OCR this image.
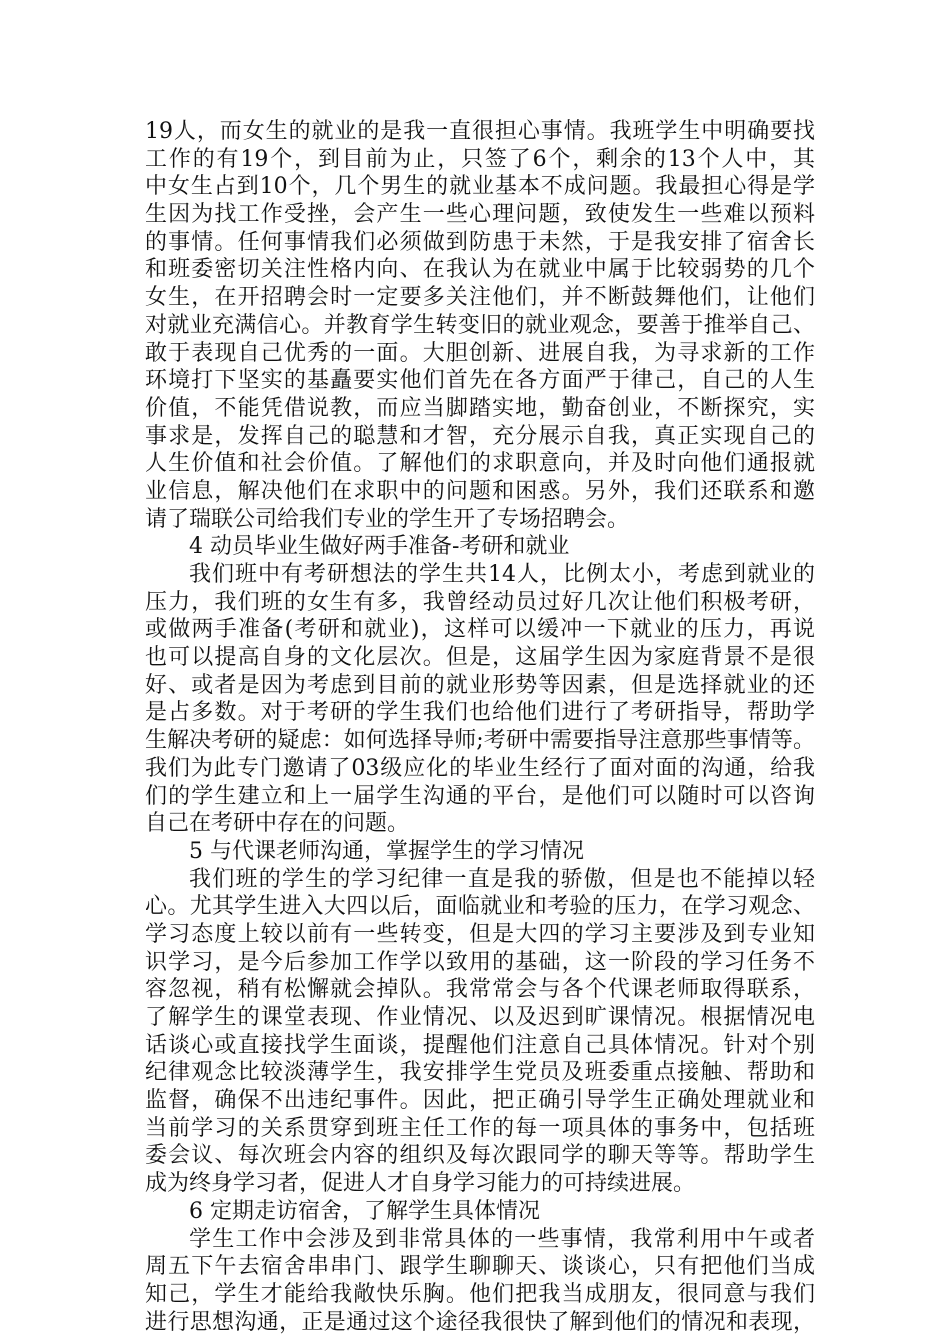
19人，而女生的就业的是我一直很担心事情。我班学生中明确要找
工作的有19个，到目前为止，只签了6个，剩余的13个人中，其
中女生占到10个，几个男生的就业基本不成问题。我最担心得是学
生因为找工作受挫，会产生一些心理问题，致使发生一些难以预料
的事情。任何事情我们必须做到防患于未然，于是我安排了宿舍长
和班委密切关注性格内向、在我认为在就业中属于比较弱势的几个
女生，在开招聘会时一定要多关注他们，并不断鼓舞他们，让他们
对就业充满信心。并教育学生转变旧的就业观念，要善于推举自己、
敢于表现自己优秀的一面。大胆创新、进展自我，为寻求新的工作
环境打下坚实的基矗要实他们首先在各方面严于律己，自己的人生
价值，不能凭借说教，而应当脚踏实地，勤奋创业，不断探究，实
事求是，发挥自己的聪慧和才智，充分展示自我，真正实现自己的
人生价值和社会价值。了解他们的求职意向，并及时向他们通报就
业信息，解决他们在求职中的问题和困惑。另外，我们还联系和邀
请了瑞联公司给我们专业的学生开了专场招聘会。
4 动员毕业生做好两手准备-考研和就业
我们班中有考研想法的学生共14人，比例太小，考虑到就业的
压力，我们班的女生有多，我曾经动员过好几次让他们积极考研，
或做两手准备(考研和就业)，这样可以缓冲一下就业的压力，再说
也可以提高自身的文化层次。但是，这届学生因为家庭背景不是很
好、或者是因为考虑到目前的就业形势等因素，但是选择就业的还
是占多数。对于考研的学生我们也给他们进行了考研指导，帮助学
生解决考研的疑虑：如何选择导师;考研中需要指导注意那些事情等。
我们为此专门邀请了03级应化的毕业生经行了面对面的沟通，给我
们的学生建立和上一届学生沟通的平台，是他们可以随时可以咨询
自己在考研中存在的问题。
5 与代课老师沟通，掌握学生的学习情况
我们班的学生的学习纪律一直是我的骄傲，但是也不能掉以轻
心。尤其学生进入大四以后，面临就业和考验的压力，在学习观念、
学习态度上较以前有一些转变，但是大四的学习主要涉及到专业知
识学习，是今后参加工作学以致用的基础，这一阶段的学习任务不
容忽视，稍有松懈就会掉队。我常常会与各个代课老师取得联系，
了解学生的课堂表现、作业情况、以及迟到旷课情况。根据情况电
话谈心或直接找学生面谈，提醒他们注意自己具体情况。针对个别
纪律观念比较淡薄学生，我安排学生党员及班委重点接触、帮助和
监督，确保不出违纪事件。因此，把正确引导学生正确处理就业和
当前学习的关系贯穿到班主任工作的每一项具体的事务中，包括班
委会议、每次班会内容的组织及每次跟同学的聊天等等。帮助学生
成为终身学习者，促进人才自身学习能力的可持续进展。
6 定期走访宿舍，了解学生具体情况
学生工作中会涉及到非常具体的一些事情，我常利用中午或者
周五下午去宿舍串串门、跟学生聊聊天、谈谈心，只有把他们当成
知己，学生才能给我敞快乐胸。他们把我当成朋友，很同意与我们
进行思想沟通，正是通过这个途径我很快了解到他们的情况和表现，
